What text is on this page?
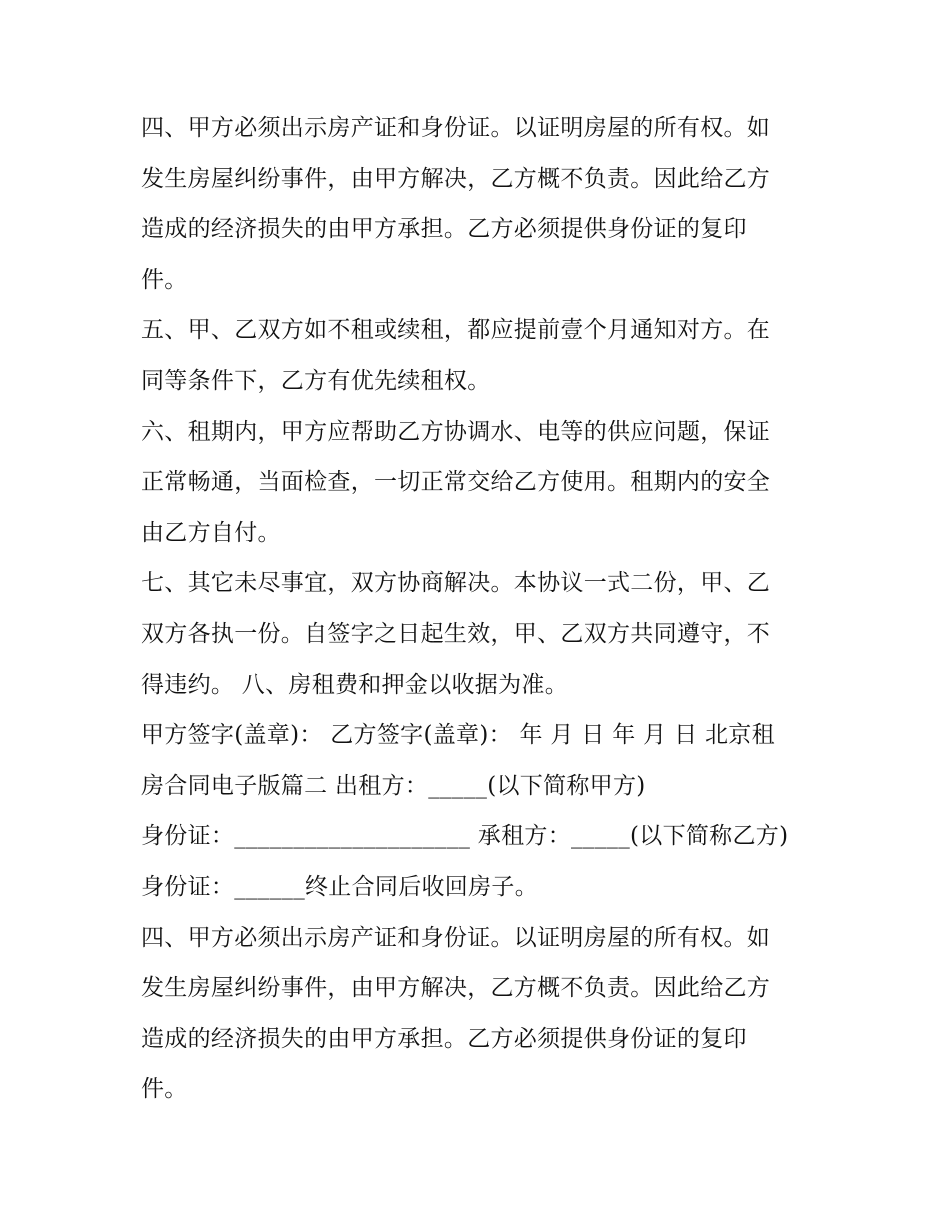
四、甲方必须出示房产证和身份证。以证明房屋的所有权。如
发生房屋纠纷事件，由甲方解决，乙方概不负责。因此给乙方
造成的经济损失的由甲方承担。乙方必须提供身份证的复印
件。
五、甲、乙双方如不租或续租，都应提前壹个月通知对方。在
同等条件下，乙方有优先续租权。
六、租期内，甲方应帮助乙方协调水、电等的供应问题，保证
正常畅通，当面检查，一切正常交给乙方使用。租期内的安全
由乙方自付。
七、其它未尽事宜，双方协商解决。本协议一式二份，甲、乙
双方各执一份。自签字之日起生效，甲、乙双方共同遵守，不
得违约。 八、房租费和押金以收据为准。
甲方签字(盖章)： 乙方签字(盖章)： 年 月 日 年 月 日 北京租
房合同电子版篇二 出租方：_____(以下简称甲方)
身份证：____________________ 承租方：_____(以下简称乙方)
身份证：______终止合同后收回房子。
四、甲方必须出示房产证和身份证。以证明房屋的所有权。如
发生房屋纠纷事件，由甲方解决，乙方概不负责。因此给乙方
造成的经济损失的由甲方承担。乙方必须提供身份证的复印
件。
